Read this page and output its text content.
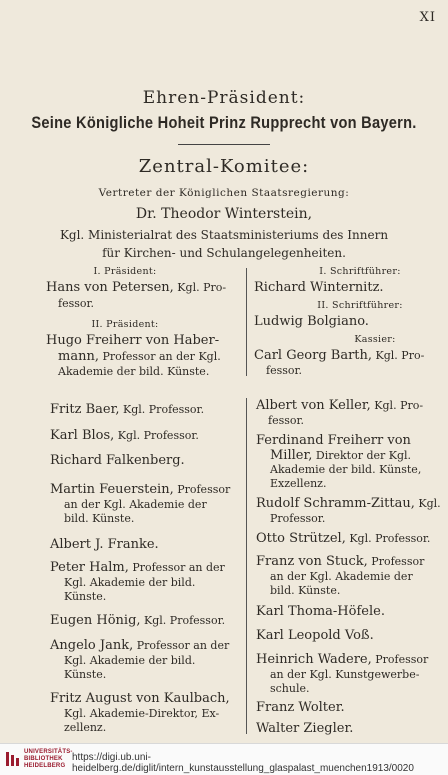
XI
Ehren-Präsident:
Seine Königliche Hoheit Prinz Rupprecht von Bayern.
Zentral-Komitee:
Vertreter der Königlichen Staatsregierung:
Dr. Theodor Winterstein,
Kgl. Ministerialrat des Staatsministeriums des Innern
für Kirchen- und Schulangelegenheiten.
I. Präsident:
Hans von Petersen, Kgl. Pro-
fessor.
II. Präsident:
Hugo Freiherr von Haber-
mann, Professor an der Kgl.
Akademie der bild. Künste.
I. Schriftführer:
Richard Winternitz.
II. Schriftführer:
Ludwig Bolgiano.
Kassier:
Carl Georg Barth, Kgl. Pro-
fessor.
Fritz Baer, Kgl. Professor.
Karl Blos, Kgl. Professor.
Richard Falkenberg.
Martin Feuerstein, Professor
an der Kgl. Akademie der
bild. Künste.
Albert J. Franke.
Peter Halm, Professor an der
Kgl. Akademie der bild.
Künste.
Eugen Hönig, Kgl. Professor.
Angelo Jank, Professor an der
Kgl. Akademie der bild.
Künste.
Fritz August von Kaulbach,
Kgl. Akademie-Direktor, Ex-
zellenz.
Albert von Keller, Kgl. Pro-
fessor.
Ferdinand Freiherr von
Miller, Direktor der Kgl.
Akademie der bild. Künste,
Exzellenz.
Rudolf Schramm-Zittau, Kgl.
Professor.
Otto Strützel, Kgl. Professor.
Franz von Stuck, Professor
an der Kgl. Akademie der
bild. Künste.
Karl Thoma-Höfele.
Karl Leopold Voß.
Heinrich Wadere, Professor
an der Kgl. Kunstgewerbe-
schule.
Franz Wolter.
Walter Ziegler.
UNIVERSITÄTS-
BIBLIOTHEK
HEIDELBERG
https://digi.ub.uni-heidelberg.de/diglit/intern_kunstausstellung_glaspalast_muenchen1913/0020
